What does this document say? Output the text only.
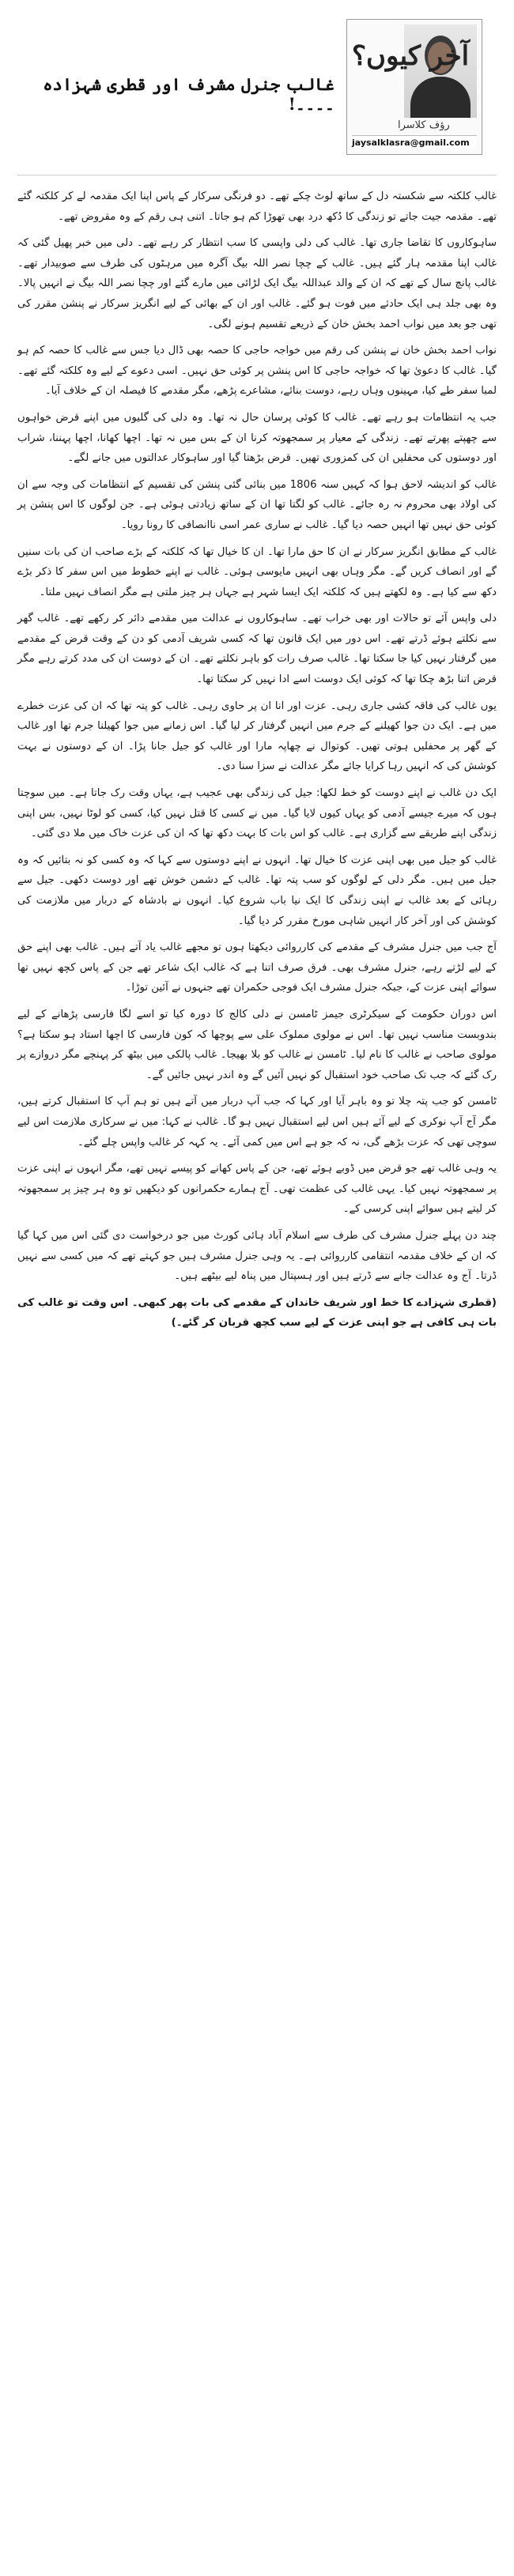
آخر کیوں؟
رؤف کلاسرا
jaysalklasra@gmail.com
غالب جنرل مشرف اور قطری شہزادہ ۔۔۔۔!

غالب کلکتہ سے شکستہ دل کے ساتھ لوٹ چکے تھے۔ دو فرنگی سرکار کے پاس اپنا ایک مقدمہ لے کر کلکتہ گئے تھے۔ مقدمہ جیت جاتے تو زندگی کا دُکھ درد بھی تھوڑا کم ہو جاتا۔ اتنی ہی رقم کے وہ مقروض تھے۔

ساہوکاروں کا تقاضا جاری تھا۔ غالب کی دلی واپسی کا سب انتظار کر رہے تھے۔ دلی میں خبر پھیل گئی کہ غالب اپنا مقدمہ ہار گئے ہیں۔ غالب کے چچا نصر اللہ بیگ آگرہ میں مرہٹوں کی طرف سے صوبیدار تھے۔ غالب پانچ سال کے تھے کہ ان کے والد عبداللہ بیگ ایک لڑائی میں مارے گئے اور چچا نصر اللہ بیگ نے انہیں پالا۔ وہ بھی جلد ہی ایک حادثے میں فوت ہو گئے۔ غالب اور ان کے بھائی کے لیے انگریز سرکار نے پنشن مقرر کی تھی جو بعد میں نواب احمد بخش خان کے ذریعے تقسیم ہونے لگی۔

نواب احمد بخش خان نے پنشن کی رقم میں خواجہ حاجی کا حصہ بھی ڈال دیا جس سے غالب کا حصہ کم ہو گیا۔ غالب کا دعویٰ تھا کہ خواجہ حاجی کا اس پنشن پر کوئی حق نہیں۔ اسی دعوے کے لیے وہ کلکتہ گئے تھے۔ لمبا سفر طے کیا، مہینوں وہاں رہے، دوست بنائے، مشاعرے پڑھے، مگر مقدمے کا فیصلہ ان کے خلاف آیا۔

جب یہ انتظامات ہو رہے تھے۔ غالب کا کوئی پرسان حال نہ تھا۔ وہ دلی کی گلیوں میں اپنے قرض خواہوں سے چھپتے پھرتے تھے۔ زندگی کے معیار پر سمجھوتہ کرنا ان کے بس میں نہ تھا۔ اچھا کھانا، اچھا پہننا، شراب اور دوستوں کی محفلیں ان کی کمزوری تھیں۔ قرض بڑھتا گیا اور ساہوکار عدالتوں میں جانے لگے۔

غالب کو اندیشہ لاحق ہوا کہ کہیں سنہ 1806 میں بنائی گئی پنشن کی تقسیم کے انتظامات کی وجہ سے ان کی اولاد بھی محروم نہ رہ جائے۔ غالب کو لگتا تھا ان کے ساتھ زیادتی ہوئی ہے۔ جن لوگوں کا اس پنشن پر کوئی حق نہیں تھا انہیں حصہ دیا گیا۔ غالب نے ساری عمر اسی ناانصافی کا رونا رویا۔

غالب کے مطابق انگریز سرکار نے ان کا حق مارا تھا۔ ان کا خیال تھا کہ کلکتہ کے بڑے صاحب ان کی بات سنیں گے اور انصاف کریں گے۔ مگر وہاں بھی انہیں مایوسی ہوئی۔ غالب نے اپنے خطوط میں اس سفر کا ذکر بڑے دکھ سے کیا ہے۔ وہ لکھتے ہیں کہ کلکتہ ایک ایسا شہر ہے جہاں ہر چیز ملتی ہے مگر انصاف نہیں ملتا۔

دلی واپس آئے تو حالات اور بھی خراب تھے۔ ساہوکاروں نے عدالت میں مقدمے دائر کر رکھے تھے۔ غالب گھر سے نکلتے ہوئے ڈرتے تھے۔ اس دور میں ایک قانون تھا کہ کسی شریف آدمی کو دن کے وقت قرض کے مقدمے میں گرفتار نہیں کیا جا سکتا تھا۔ غالب صرف رات کو باہر نکلتے تھے۔ ان کے دوست ان کی مدد کرتے رہے مگر قرض اتنا بڑھ چکا تھا کہ کوئی ایک دوست اسے ادا نہیں کر سکتا تھا۔

یوں غالب کی فاقہ کشی جاری رہی۔ عزت اور انا ان پر حاوی رہی۔ غالب کو پتہ تھا کہ ان کی عزت خطرے میں ہے۔ ایک دن جوا کھیلنے کے جرم میں انہیں گرفتار کر لیا گیا۔ اس زمانے میں جوا کھیلنا جرم تھا اور غالب کے گھر پر محفلیں ہوتی تھیں۔ کوتوال نے چھاپہ مارا اور غالب کو جیل جانا پڑا۔ ان کے دوستوں نے بہت کوشش کی کہ انہیں رہا کرایا جائے مگر عدالت نے سزا سنا دی۔

ایک دن غالب نے اپنے دوست کو خط لکھا: جیل کی زندگی بھی عجیب ہے، یہاں وقت رک جاتا ہے۔ میں سوچتا ہوں کہ میرے جیسے آدمی کو یہاں کیوں لایا گیا۔ میں نے کسی کا قتل نہیں کیا، کسی کو لوٹا نہیں، بس اپنی زندگی اپنے طریقے سے گزاری ہے۔ غالب کو اس بات کا بہت دکھ تھا کہ ان کی عزت خاک میں ملا دی گئی۔

غالب کو جیل میں بھی اپنی عزت کا خیال تھا۔ انہوں نے اپنے دوستوں سے کہا کہ وہ کسی کو نہ بتائیں کہ وہ جیل میں ہیں۔ مگر دلی کے لوگوں کو سب پتہ تھا۔ غالب کے دشمن خوش تھے اور دوست دکھی۔ جیل سے رہائی کے بعد غالب نے اپنی زندگی کا ایک نیا باب شروع کیا۔ انہوں نے بادشاہ کے دربار میں ملازمت کی کوشش کی اور آخر کار انہیں شاہی مورخ مقرر کر دیا گیا۔

آج جب میں جنرل مشرف کے مقدمے کی کارروائی دیکھتا ہوں تو مجھے غالب یاد آتے ہیں۔ غالب بھی اپنے حق کے لیے لڑتے رہے، جنرل مشرف بھی۔ فرق صرف اتنا ہے کہ غالب ایک شاعر تھے جن کے پاس کچھ نہیں تھا سوائے اپنی عزت کے، جبکہ جنرل مشرف ایک فوجی حکمران تھے جنہوں نے آئین توڑا۔

اس دوران حکومت کے سیکرٹری جیمز ٹامسن نے دلی کالج کا دورہ کیا تو اسے لگا فارسی پڑھانے کے لیے بندوبست مناسب نہیں تھا۔ اس نے مولوی مملوک علی سے پوچھا کہ کون فارسی کا اچھا استاد ہو سکتا ہے؟ مولوی صاحب نے غالب کا نام لیا۔ ٹامسن نے غالب کو بلا بھیجا۔ غالب پالکی میں بیٹھ کر پہنچے مگر دروازے پر رک گئے کہ جب تک صاحب خود استقبال کو نہیں آئیں گے وہ اندر نہیں جائیں گے۔

ٹامسن کو جب پتہ چلا تو وہ باہر آیا اور کہا کہ جب آپ دربار میں آتے ہیں تو ہم آپ کا استقبال کرتے ہیں، مگر آج آپ نوکری کے لیے آئے ہیں اس لیے استقبال نہیں ہو گا۔ غالب نے کہا: میں نے سرکاری ملازمت اس لیے سوچی تھی کہ عزت بڑھے گی، نہ کہ جو ہے اس میں کمی آئے۔ یہ کہہ کر غالب واپس چلے گئے۔

یہ وہی غالب تھے جو قرض میں ڈوبے ہوئے تھے، جن کے پاس کھانے کو پیسے نہیں تھے، مگر انہوں نے اپنی عزت پر سمجھوتہ نہیں کیا۔ یہی غالب کی عظمت تھی۔ آج ہمارے حکمرانوں کو دیکھیں تو وہ ہر چیز پر سمجھوتہ کر لیتے ہیں سوائے اپنی کرسی کے۔

چند دن پہلے جنرل مشرف کی طرف سے اسلام آباد ہائی کورٹ میں جو درخواست دی گئی اس میں کہا گیا کہ ان کے خلاف مقدمہ انتقامی کارروائی ہے۔ یہ وہی جنرل مشرف ہیں جو کہتے تھے کہ میں کسی سے نہیں ڈرتا۔ آج وہ عدالت جانے سے ڈرتے ہیں اور ہسپتال میں پناہ لیے بیٹھے ہیں۔

(قطری شہزادے کا خط اور شریف خاندان کے مقدمے کی بات پھر کبھی۔ اس وقت تو غالب کی بات ہی کافی ہے جو اپنی عزت کے لیے سب کچھ قربان کر گئے۔)
